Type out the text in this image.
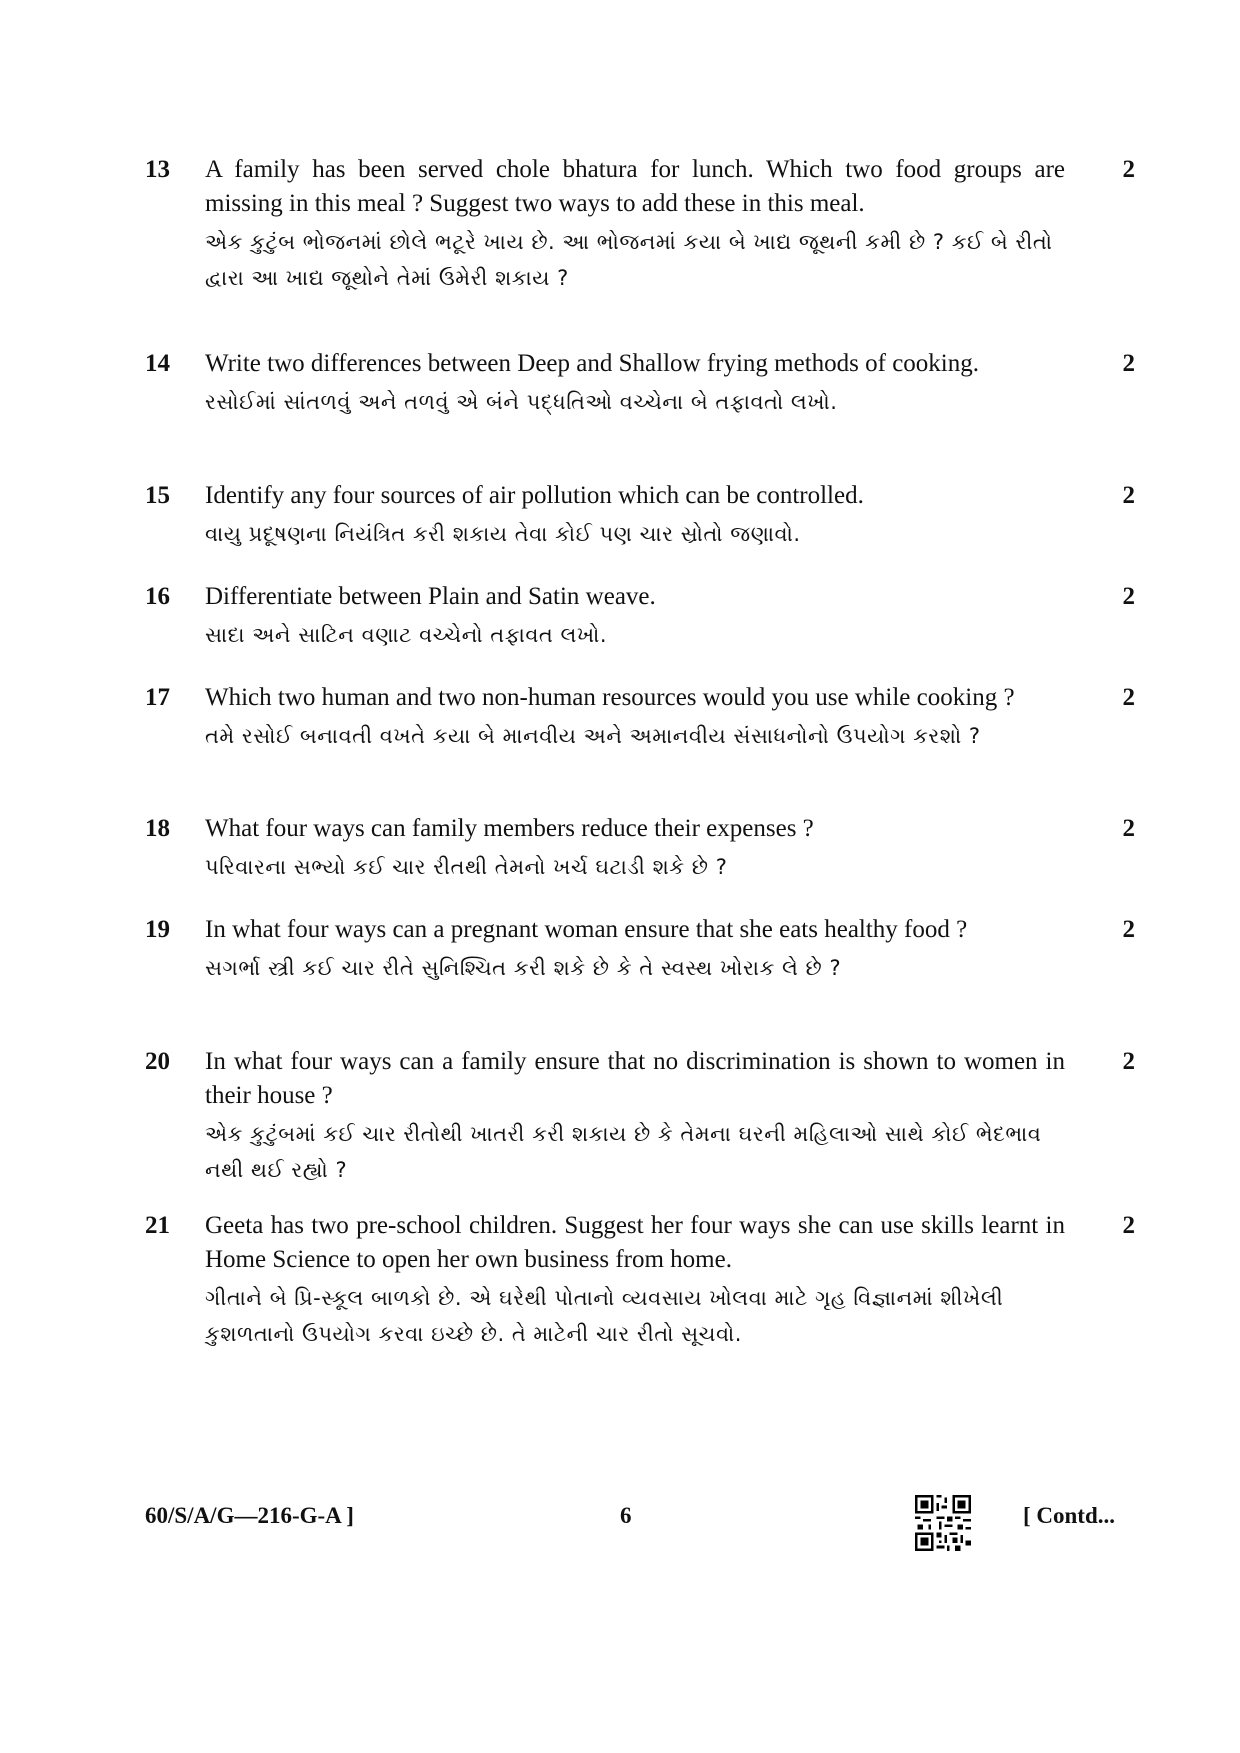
13 A family has been served chole bhatura for lunch. Which two food groups are missing in this meal ? Suggest two ways to add these in this meal.

એક કુટુંબ ભોજનમાં છોલે ભટૂરે ખાય છે. આ ભોજનમાં કયા બે ખાદ્ય જૂથની કમી છે ? કઈ બે રીતો દ્વારા આ ખાદ્ય જૂથોને તેમાં ઉમેરી શકાય ?

2
14 Write two differences between Deep and Shallow frying methods of cooking.

રસોઈમાં સાંતળવું અને તળવું એ બંને પદ્ધતિઓ વચ્ચેના બે તફાવતો લખો.

2
15 Identify any four sources of air pollution which can be controlled.

વાયુ પ્રદૂષણના નિયંત્રિત કરી શકાય તેવા કોઈ પણ ચાર સ્રોતો જણાવો.

2
16 Differentiate between Plain and Satin weave.

સાદા અને સાટિન વણાટ વચ્ચેનો તફાવત લખો.

2
17 Which two human and two non-human resources would you use while cooking ?

તમે રસોઈ બનાવતી વખતે કયા બે માનવીય અને અમાનવીય સંસાધનોનો ઉપયોગ કરશો ?

2
18 What four ways can family members reduce their expenses ?

પરિવારના સભ્યો કઈ ચાર રીતથી તેમનો ખર્ચ ઘટાડી શકે છે ?

2
19 In what four ways can a pregnant woman ensure that she eats healthy food ?

સગર્ભા સ્ત્રી કઈ ચાર રીતે સુનિશ્ચિત કરી શકે છે કે તે સ્વસ્થ ખોરાક લે છે ?

2
20 In what four ways can a family ensure that no discrimination is shown to women in their house ?

એક કુટુંબમાં કઈ ચાર રીતોથી ખાતરી કરી શકાય છે કે તેમના ઘરની મહિલાઓ સાથે કોઈ ભેદભાવ નથી થઈ રહ્યો ?

2
21 Geeta has two pre-school children. Suggest her four ways she can use skills learnt in Home Science to open her own business from home.

ગીતાને બે પ્રિ-સ્કૂલ બાળકો છે. એ ઘરેથી પોતાનો વ્યવસાય ખોલવા માટે ગૃહ વિજ્ઞાનમાં શીખેલી કુશળતાનો ઉપયોગ કરવા ઇચ્છે છે. તે માટેની ચાર રીતો સૂચવો.

2
60/S/A/G—216-G-A ]	6	[ Contd...
